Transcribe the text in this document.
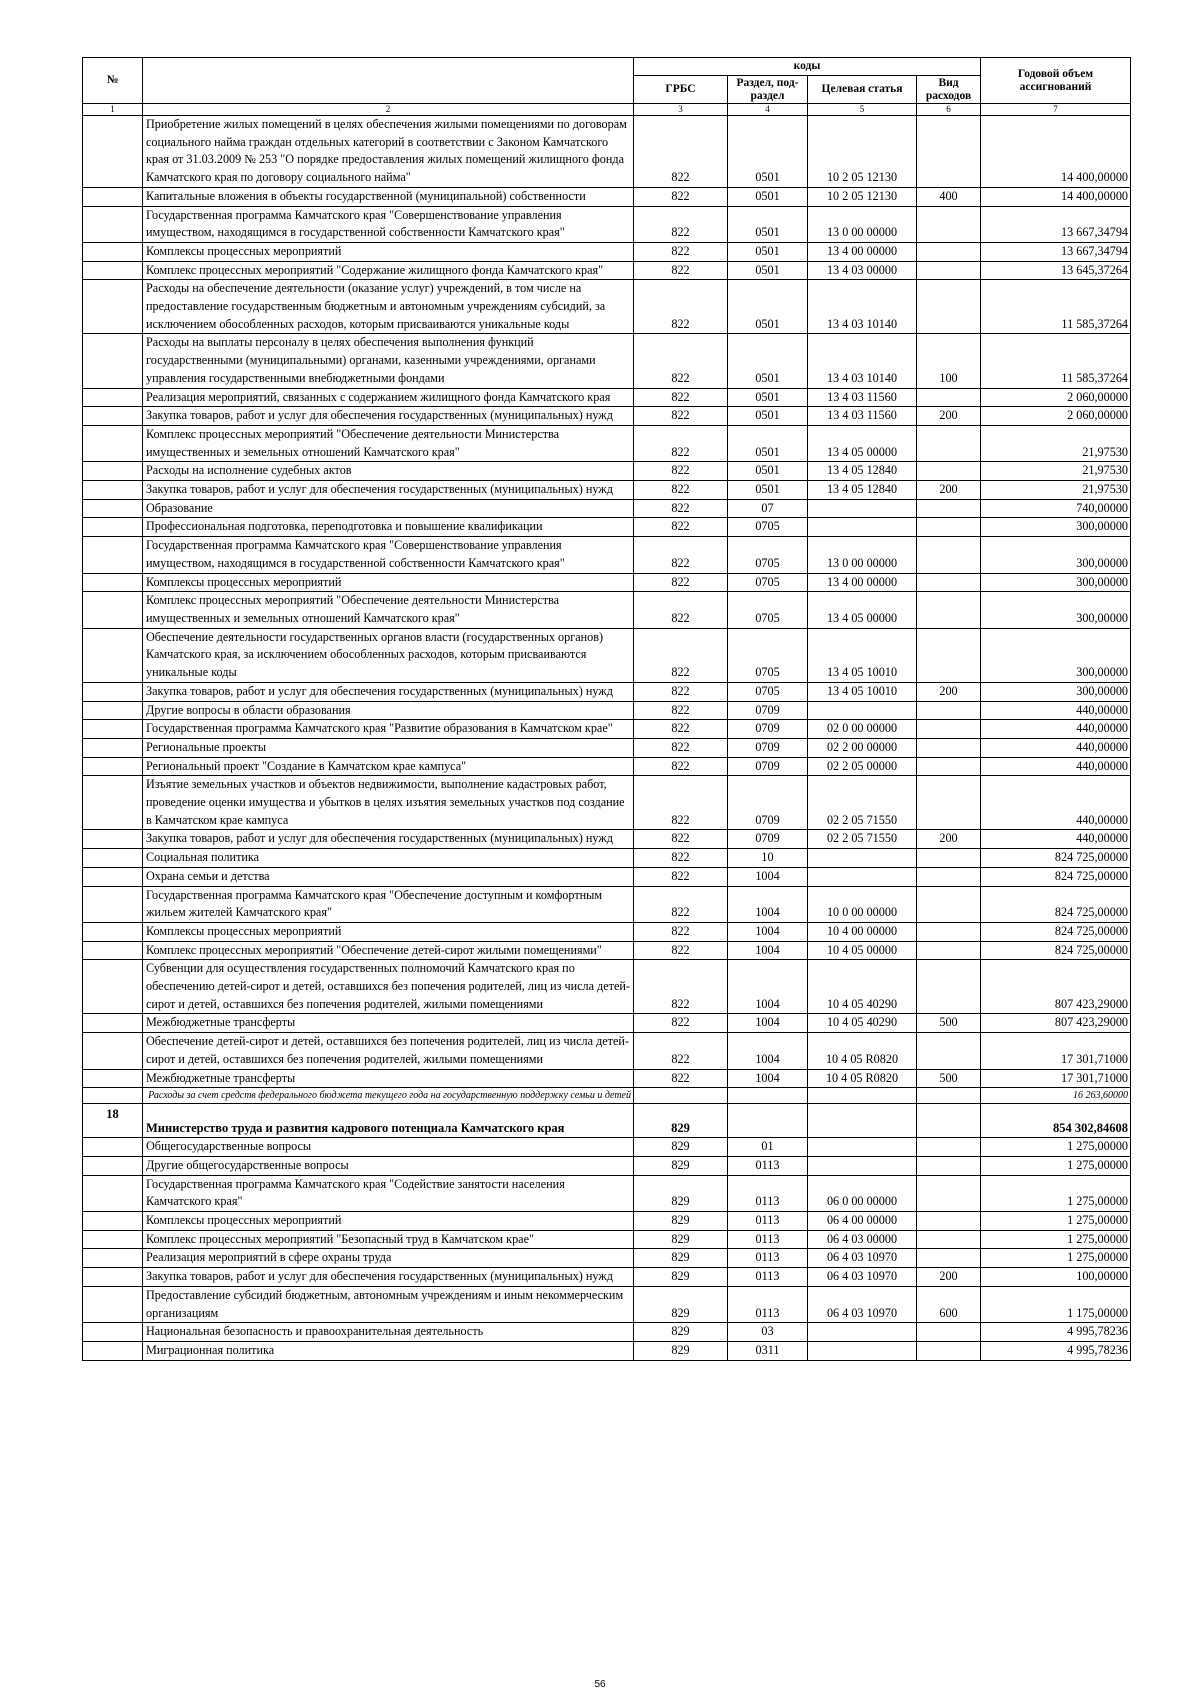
№		коды				Годовой объем ассигнований
		ГРБС	Раздел, под-раздел	Целевая статья	Вид расходов	
1	2	3	4	5	6	7
	Приобретение жилых помещений в целях обеспечения жилыми помещениями по договорам социального найма граждан отдельных категорий в соответствии с Законом Камчатского края от 31.03.2009 № 253 "О порядке предоставления жилых помещений жилищного фонда Камчатского края по договору социального найма"	822	0501	10 2 05 12130		14 400,00000
	Капитальные вложения в объекты государственной (муниципальной) собственности	822	0501	10 2 05 12130	400	14 400,00000
	Государственная программа Камчатского края "Совершенствование управления имуществом, находящимся в государственной собственности Камчатского края"	822	0501	13 0 00 00000		13 667,34794
	Комплексы процессных мероприятий	822	0501	13 4 00 00000		13 667,34794
	Комплекс процессных мероприятий "Содержание жилищного фонда Камчатского края"	822	0501	13 4 03 00000		13 645,37264
	Расходы на обеспечение деятельности (оказание услуг) учреждений, в том числе на предоставление государственным бюджетным и автономным учреждениям субсидий, за исключением обособленных расходов, которым присваиваются уникальные коды	822	0501	13 4 03 10140		11 585,37264
	Расходы на выплаты персоналу в целях обеспечения выполнения функций государственными (муниципальными) органами, казенными учреждениями, органами управления государственными внебюджетными фондами	822	0501	13 4 03 10140	100	11 585,37264
	Реализация мероприятий, связанных с содержанием жилищного фонда Камчатского края	822	0501	13 4 03 11560		2 060,00000
	Закупка товаров, работ и услуг для обеспечения государственных (муниципальных) нужд	822	0501	13 4 03 11560	200	2 060,00000
	Комплекс процессных мероприятий "Обеспечение деятельности Министерства имущественных и земельных отношений Камчатского края"	822	0501	13 4 05 00000		21,97530
	Расходы на исполнение судебных актов	822	0501	13 4 05 12840		21,97530
	Закупка товаров, работ и услуг для обеспечения государственных (муниципальных) нужд	822	0501	13 4 05 12840	200	21,97530
	Образование	822	07			740,00000
	Профессиональная подготовка, переподготовка и повышение квалификации	822	0705			300,00000
	Государственная программа Камчатского края "Совершенствование управления имуществом, находящимся в государственной собственности Камчатского края"	822	0705	13 0 00 00000		300,00000
	Комплексы процессных мероприятий	822	0705	13 4 00 00000		300,00000
	Комплекс процессных мероприятий "Обеспечение деятельности Министерства имущественных и земельных отношений Камчатского края"	822	0705	13 4 05 00000		300,00000
	Обеспечение деятельности государственных органов власти (государственных органов) Камчатского края, за исключением обособленных расходов, которым присваиваются уникальные коды	822	0705	13 4 05 10010		300,00000
	Закупка товаров, работ и услуг для обеспечения государственных (муниципальных) нужд	822	0705	13 4 05 10010	200	300,00000
	Другие вопросы в области образования	822	0709			440,00000
	Государственная программа Камчатского края "Развитие образования в Камчатском крае"	822	0709	02 0 00 00000		440,00000
	Региональные проекты	822	0709	02 2 00 00000		440,00000
	Региональный проект "Создание в Камчатском крае кампуса"	822	0709	02 2 05 00000		440,00000
	Изъятие земельных участков и объектов недвижимости, выполнение кадастровых работ, проведение оценки имущества и убытков в целях изъятия земельных участков под создание в Камчатском крае кампуса	822	0709	02 2 05 71550		440,00000
	Закупка товаров, работ и услуг для обеспечения государственных (муниципальных) нужд	822	0709	02 2 05 71550	200	440,00000
	Социальная политика	822	10			824 725,00000
	Охрана семьи и детства	822	1004			824 725,00000
	Государственная программа Камчатского края "Обеспечение доступным и комфортным жильем жителей Камчатского края"	822	1004	10 0 00 00000		824 725,00000
	Комплексы процессных мероприятий	822	1004	10 4 00 00000		824 725,00000
	Комплекс процессных мероприятий "Обеспечение детей-сирот жилыми помещениями"	822	1004	10 4 05 00000		824 725,00000
	Субвенции для осуществления государственных полномочий Камчатского края по обеспечению детей-сирот и детей, оставшихся без попечения родителей, лиц из числа детей-сирот и детей, оставшихся без попечения родителей, жилыми помещениями	822	1004	10 4 05 40290		807 423,29000
	Межбюджетные трансферты	822	1004	10 4 05 40290	500	807 423,29000
	Обеспечение детей-сирот и детей, оставшихся без попечения родителей, лиц из числа детей-сирот и детей, оставшихся без попечения родителей, жилыми помещениями	822	1004	10 4 05 R0820		17 301,71000
	Межбюджетные трансферты	822	1004	10 4 05 R0820	500	17 301,71000
	Расходы за счет средств федерального бюджета текущего года на государственную поддержку семьи и детей					16 263,60000
18	Министерство труда и развития кадрового потенциала Камчатского края	829				854 302,84608
	Общегосударственные вопросы	829	01			1 275,00000
	Другие общегосударственные вопросы	829	0113			1 275,00000
	Государственная программа Камчатского края "Содействие занятости населения Камчатского края"	829	0113	06 0 00 00000		1 275,00000
	Комплексы процессных мероприятий	829	0113	06 4 00 00000		1 275,00000
	Комплекс процессных мероприятий "Безопасный труд в Камчатском крае"	829	0113	06 4 03 00000		1 275,00000
	Реализация мероприятий в сфере охраны труда	829	0113	06 4 03 10970		1 275,00000
	Закупка товаров, работ и услуг для обеспечения государственных (муниципальных) нужд	829	0113	06 4 03 10970	200	100,00000
	Предоставление субсидий бюджетным, автономным учреждениям и иным некоммерческим организациям	829	0113	06 4 03 10970	600	1 175,00000
	Национальная безопасность и правоохранительная деятельность	829	03			4 995,78236
	Миграционная политика	829	0311			4 995,78236
56
